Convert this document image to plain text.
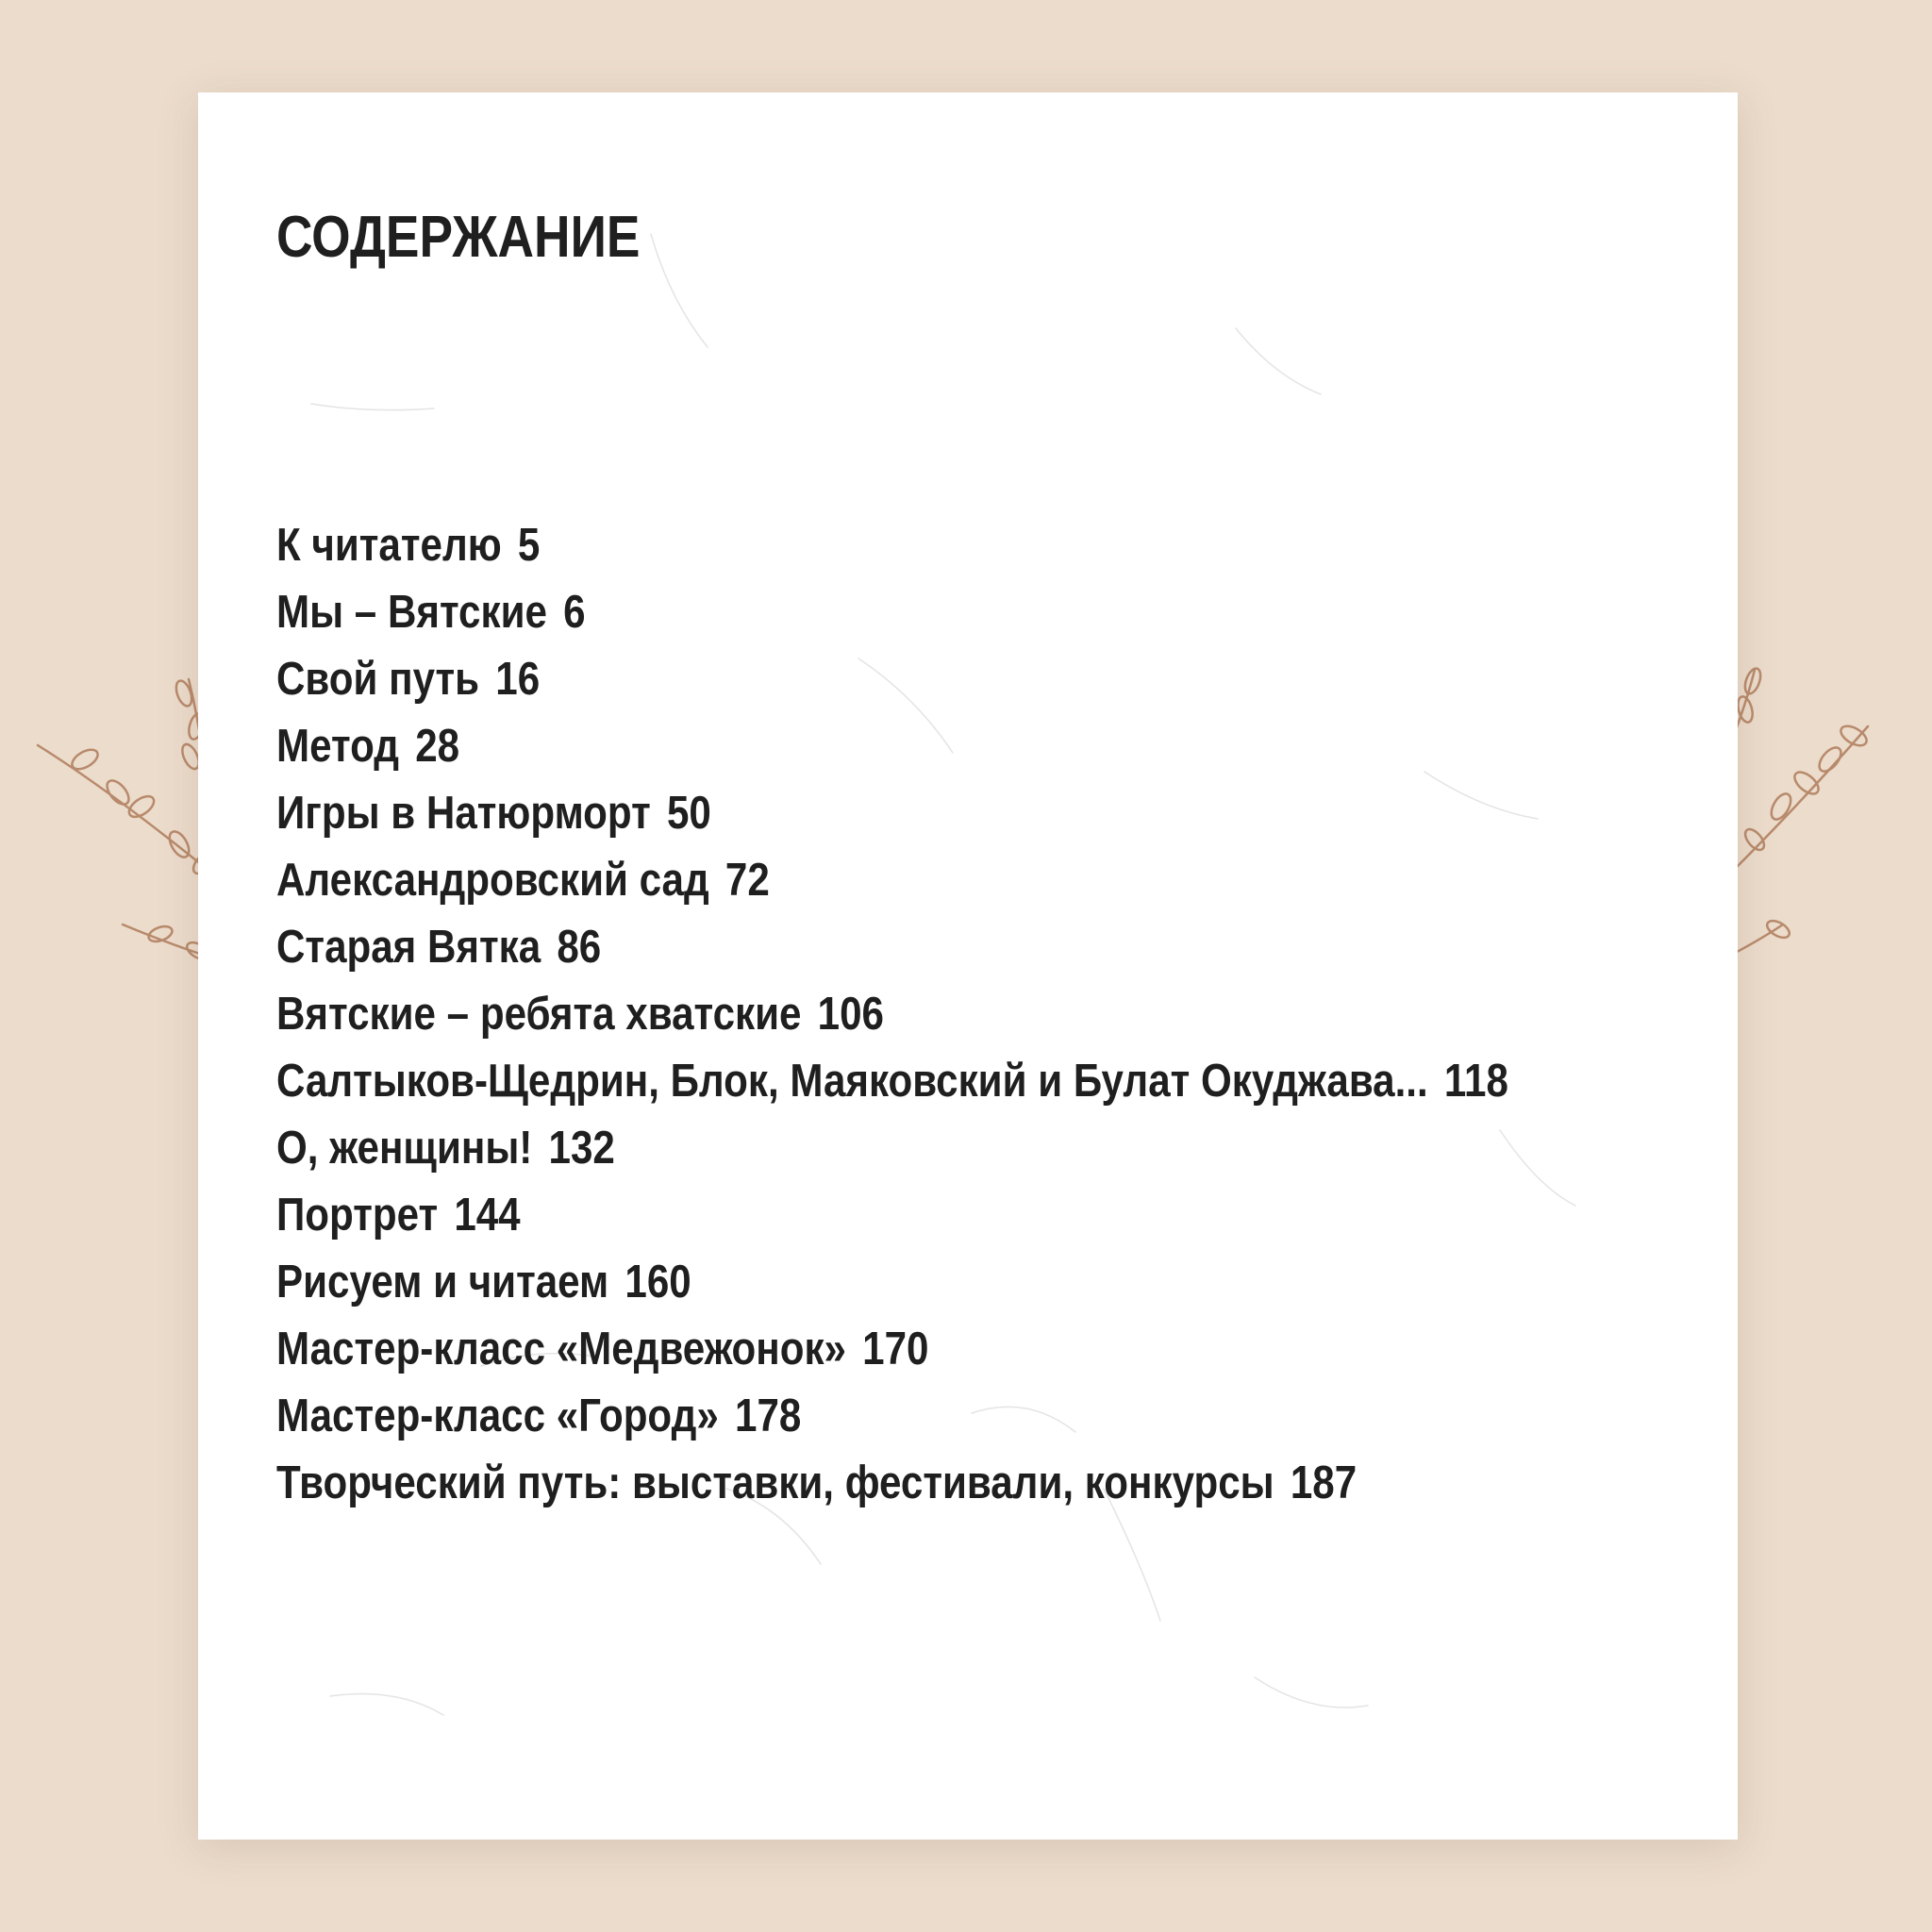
СОДЕРЖАНИЕ
К читателю 5
Мы – Вятские 6
Свой путь 16
Метод 28
Игры в Натюрморт 50
Александровский сад 72
Старая Вятка 86
Вятские – ребята хватские 106
Салтыков-Щедрин, Блок, Маяковский и Булат Окуджава... 118
О, женщины! 132
Портрет 144
Рисуем и читаем 160
Мастер-класс «Медвежонок» 170
Мастер-класс «Город» 178
Творческий путь: выставки, фестивали, конкурсы 187
